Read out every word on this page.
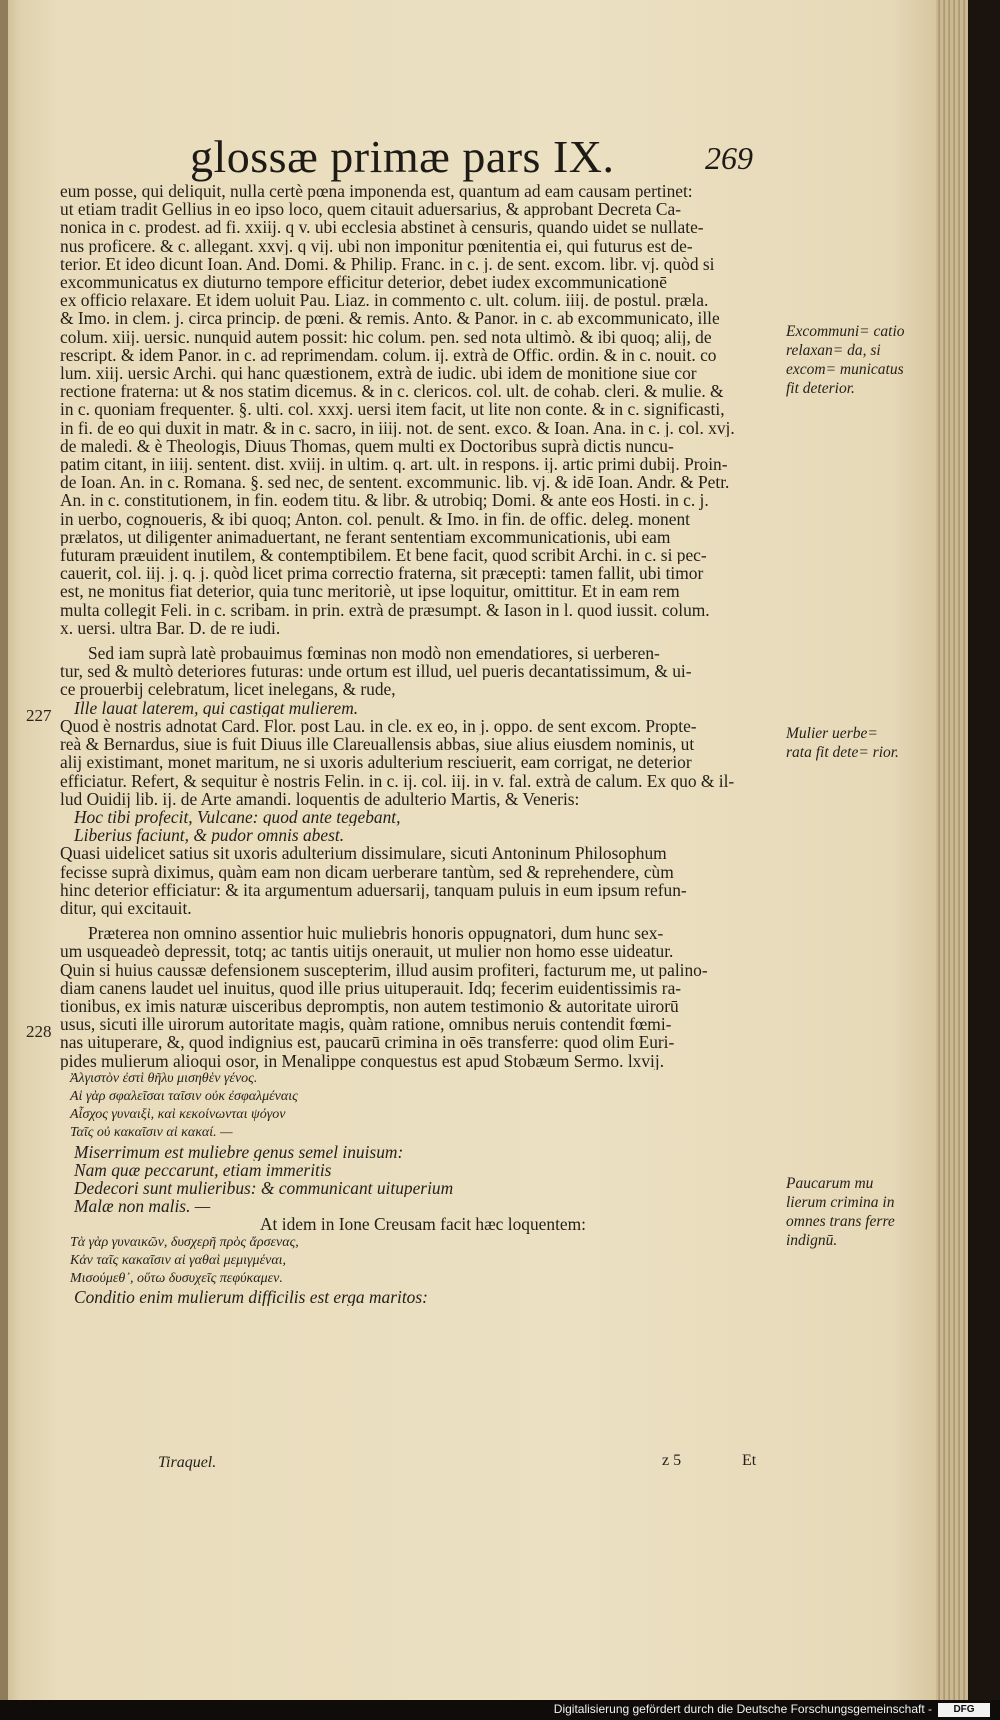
glossæ primæ pars IX.	269
227
228
Excommuni= catio relaxan= da, si excom= municatus fit deterior.
Mulier uerbe= rata fit dete= rior.
Paucarum mu lierum crimina in omnes trans ferre indignū.
eum posse, qui deliquit, nulla certè pœna imponenda est, quantum ad eam causam pertinet:
ut etiam tradit Gellius in eo ipso loco, quem citauit aduersarius, & approbant Decreta Ca-
nonica in c. prodest. ad fi. xxiij. q v. ubi ecclesia abstinet à censuris, quando uidet se nullate-
nus proficere. & c. allegant. xxvj. q vij. ubi non imponitur pœnitentia ei, qui futurus est de-
terior. Et ideo dicunt Ioan. And. Domi. & Philip. Franc. in c. j. de sent. excom. libr. vj. quòd si
excommunicatus ex diuturno tempore efficitur deterior, debet iudex excommunicationē
ex officio relaxare. Et idem uoluit Pau. Liaz. in commento c. ult. colum. iiij. de postul. præla.
& Imo. in clem. j. circa princip. de pœni. & remis. Anto. & Panor. in c. ab excommunicato, ille
colum. xiij. uersic. nunquid autem possit: hic colum. pen. sed nota ultimò. & ibi quoq; alij, de
rescript. & idem Panor. in c. ad reprimendam. colum. ij. extrà de Offic. ordin. & in c. nouit. co
lum. xiij. uersic Archi. qui hanc quæstionem, extrà de iudic. ubi idem de monitione siue cor
rectione fraterna: ut & nos statim dicemus. & in c. clericos. col. ult. de cohab. cleri. & mulie. &
in c. quoniam frequenter. §. ulti. col. xxxj. uersi item facit, ut lite non conte. & in c. significasti,
in fi. de eo qui duxit in matr. & in c. sacro, in iiij. not. de sent. exco. & Ioan. Ana. in c. j. col. xvj.
de maledi. & è Theologis, Diuus Thomas, quem multi ex Doctoribus suprà dictis nuncu-
patim citant, in iiij. sentent. dist. xviij. in ultim. q. art. ult. in respons. ij. artic primi dubij. Proin-
de Ioan. An. in c. Romana. §. sed nec, de sentent. excommunic. lib. vj. & idē Ioan. Andr. & Petr.
An. in c. constitutionem, in fin. eodem titu. & libr. & utrobiq; Domi. & ante eos Hosti. in c. j.
in uerbo, cognoueris, & ibi quoq; Anton. col. penult. & Imo. in fin. de offic. deleg. monent
prælatos, ut diligenter animaduertant, ne ferant sententiam excommunicationis, ubi eam
futuram præuident inutilem, & contemptibilem. Et bene facit, quod scribit Archi. in c. si pec-
cauerit, col. iij. j. q. j. quòd licet prima correctio fraterna, sit præcepti: tamen fallit, ubi timor
est, ne monitus fiat deterior, quia tunc meritoriè, ut ipse loquitur, omittitur. Et in eam rem
multa collegit Feli. in c. scribam. in prin. extrà de præsumpt. & Iason in l. quod iussit. colum.
x. uersi. ultra Bar. D. de re iudi.
Sed iam suprà latè probauimus fœminas non modò non emendatiores, si uerberen-
tur, sed & multò deteriores futuras: unde ortum est illud, uel pueris decantatissimum, & ui-
ce prouerbij celebratum, licet inelegans, & rude,
Ille lauat laterem, qui castigat mulierem.
Quod è nostris adnotat Card. Flor. post Lau. in cle. ex eo, in j. oppo. de sent excom. Propte-
reà & Bernardus, siue is fuit Diuus ille Clareuallensis abbas, siue alius eiusdem nominis, ut
alij existimant, monet maritum, ne si uxoris adulterium resciuerit, eam corrigat, ne deterior
efficiatur. Refert, & sequitur è nostris Felin. in c. ij. col. iij. in v. fal. extrà de calum. Ex quo & il-
lud Ouidij lib. ij. de Arte amandi. loquentis de adulterio Martis, & Veneris:
Hoc tibi profecit, Vulcane: quod ante tegebant,
Liberius faciunt, & pudor omnis abest.
Quasi uidelicet satius sit uxoris adulterium dissimulare, sicuti Antoninum Philosophum
fecisse suprà diximus, quàm eam non dicam uerberare tantùm, sed & reprehendere, cùm
hinc deterior efficiatur: & ita argumentum aduersarij, tanquam puluis in eum ipsum refun-
ditur, qui excitauit.
Præterea non omnino assentior huic muliebris honoris oppugnatori, dum hunc sex-
um usqueadeò depressit, totq; ac tantis uitijs onerauit, ut mulier non homo esse uideatur.
Quin si huius caussæ defensionem suscepterim, illud ausim profiteri, facturum me, ut palino-
diam canens laudet uel inuitus, quod ille prius uituperauit. Idq; fecerim euidentissimis ra-
tionibus, ex imis naturæ uisceribus depromptis, non autem testimonio & autoritate uirorū
usus, sicuti ille uirorum autoritate magis, quàm ratione, omnibus neruis contendit fœmi-
nas uituperare, &, quod indignius est, paucarū crimina in oēs transferre: quod olim Euri-
pides mulierum alioqui osor, in Menalippe conquestus est apud Stobæum Sermo. lxvij.
Ἀλγιστὸν ἐστὶ θῆλυ μισηθὲν γένος.
Αἱ γὰρ σφαλεῖσαι ταῖσιν οὐκ ἐσφαλμέναις
Αἶσχος γυναιξὶ, καὶ κεκοίνωνται ψόγον
Ταῖς οὐ κακαῖσιν αἱ κακαί. —
Miserrimum est muliebre genus semel inuisum:
Nam quæ peccarunt, etiam immeritis
Dedecori sunt mulieribus: & communicant uituperium
Malæ non malis. —
At idem in Ione Creusam facit hæc loquentem:
Τὰ γὰρ γυναικῶν, δυσχερῆ πρὸς ἄρσενας,
Κἀν ταῖς κακαῖσιν αἱ γαθαὶ μεμιγμέναι,
Μισούμεθ᾽, οὕτω δυσυχεῖς πεφύκαμεν.
Conditio enim mulierum difficilis est erga maritos:
Tiraquel.	z 5	Et
Digitalisierung gefördert durch die Deutsche Forschungsgemeinschaft -	DFG
